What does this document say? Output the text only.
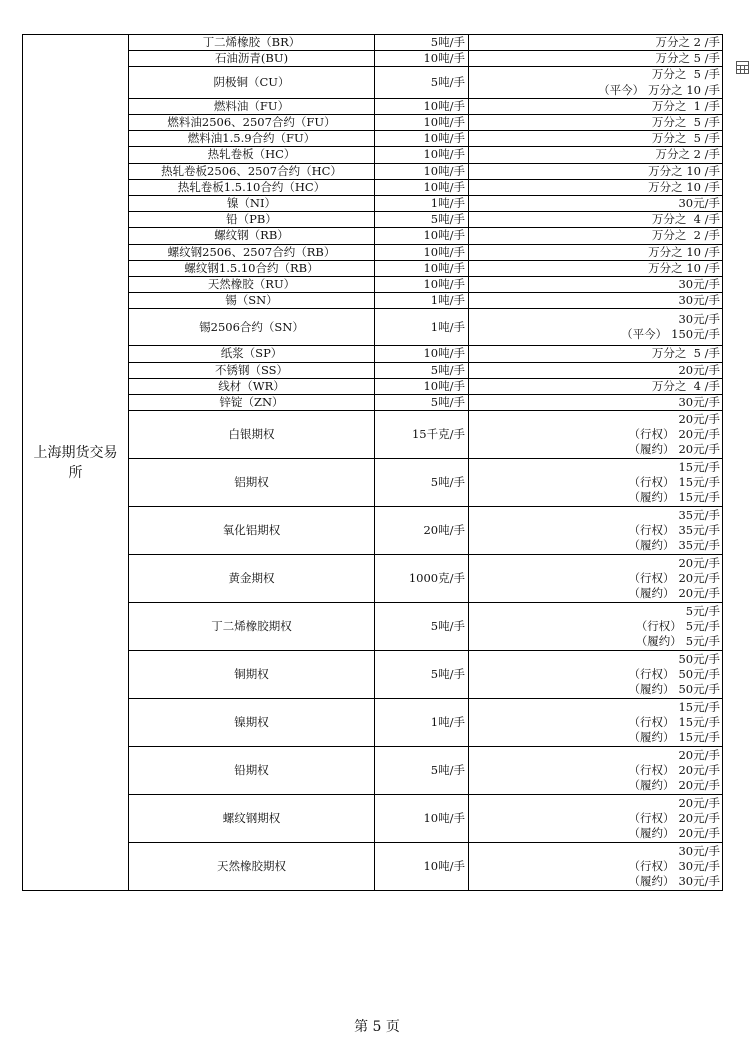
上海期货交易所	丁二烯橡胶（BR）	5吨/手	万分之 2 /手

	石油沥青(BU)	10吨/手	万分之 5 /手

	阴极铜（CU）	5吨/手	万分之  5 /手
（平今） 万分之 10 /手

	燃料油（FU）	10吨/手	万分之  1 /手

	燃料油2506、2507合约（FU）	10吨/手	万分之  5 /手

	燃料油1.5.9合约（FU）	10吨/手	万分之  5 /手

	热轧卷板（HC）	10吨/手	万分之 2 /手

	热轧卷板2506、2507合约（HC）	10吨/手	万分之 10 /手

	热轧卷板1.5.10合约（HC）	10吨/手	万分之 10 /手

	镍（NI）	1吨/手	30元/手

	铅（PB）	5吨/手	万分之  4 /手

	螺纹钢（RB）	10吨/手	万分之  2 /手

	螺纹钢2506、2507合约（RB）	10吨/手	万分之 10 /手

	螺纹钢1.5.10合约（RB）	10吨/手	万分之 10 /手

	天然橡胶（RU）	10吨/手	30元/手

	锡（SN）	1吨/手	30元/手

	锡2506合约（SN）	1吨/手	30元/手
（平今） 150元/手

	纸浆（SP）	10吨/手	万分之  5 /手

	不锈钢（SS）	5吨/手	20元/手

	线材（WR）	10吨/手	万分之  4 /手

	锌锭（ZN）	5吨/手	30元/手

	白银期权	15千克/手	20元/手
（行权） 20元/手
（履约） 20元/手

	铝期权	5吨/手	15元/手
（行权） 15元/手
（履约） 15元/手

	氧化铝期权	20吨/手	35元/手
（行权） 35元/手
（履约） 35元/手

	黄金期权	1000克/手	20元/手
（行权） 20元/手
（履约） 20元/手

	丁二烯橡胶期权	5吨/手	5元/手
（行权） 5元/手
（履约） 5元/手

	铜期权	5吨/手	50元/手
（行权） 50元/手
（履约） 50元/手

	镍期权	1吨/手	15元/手
（行权） 15元/手
（履约） 15元/手

	铅期权	5吨/手	20元/手
（行权） 20元/手
（履约） 20元/手

	螺纹钢期权	10吨/手	20元/手
（行权） 20元/手
（履约） 20元/手

	天然橡胶期权	10吨/手	30元/手
（行权） 30元/手
（履约） 30元/手
第 5 页
